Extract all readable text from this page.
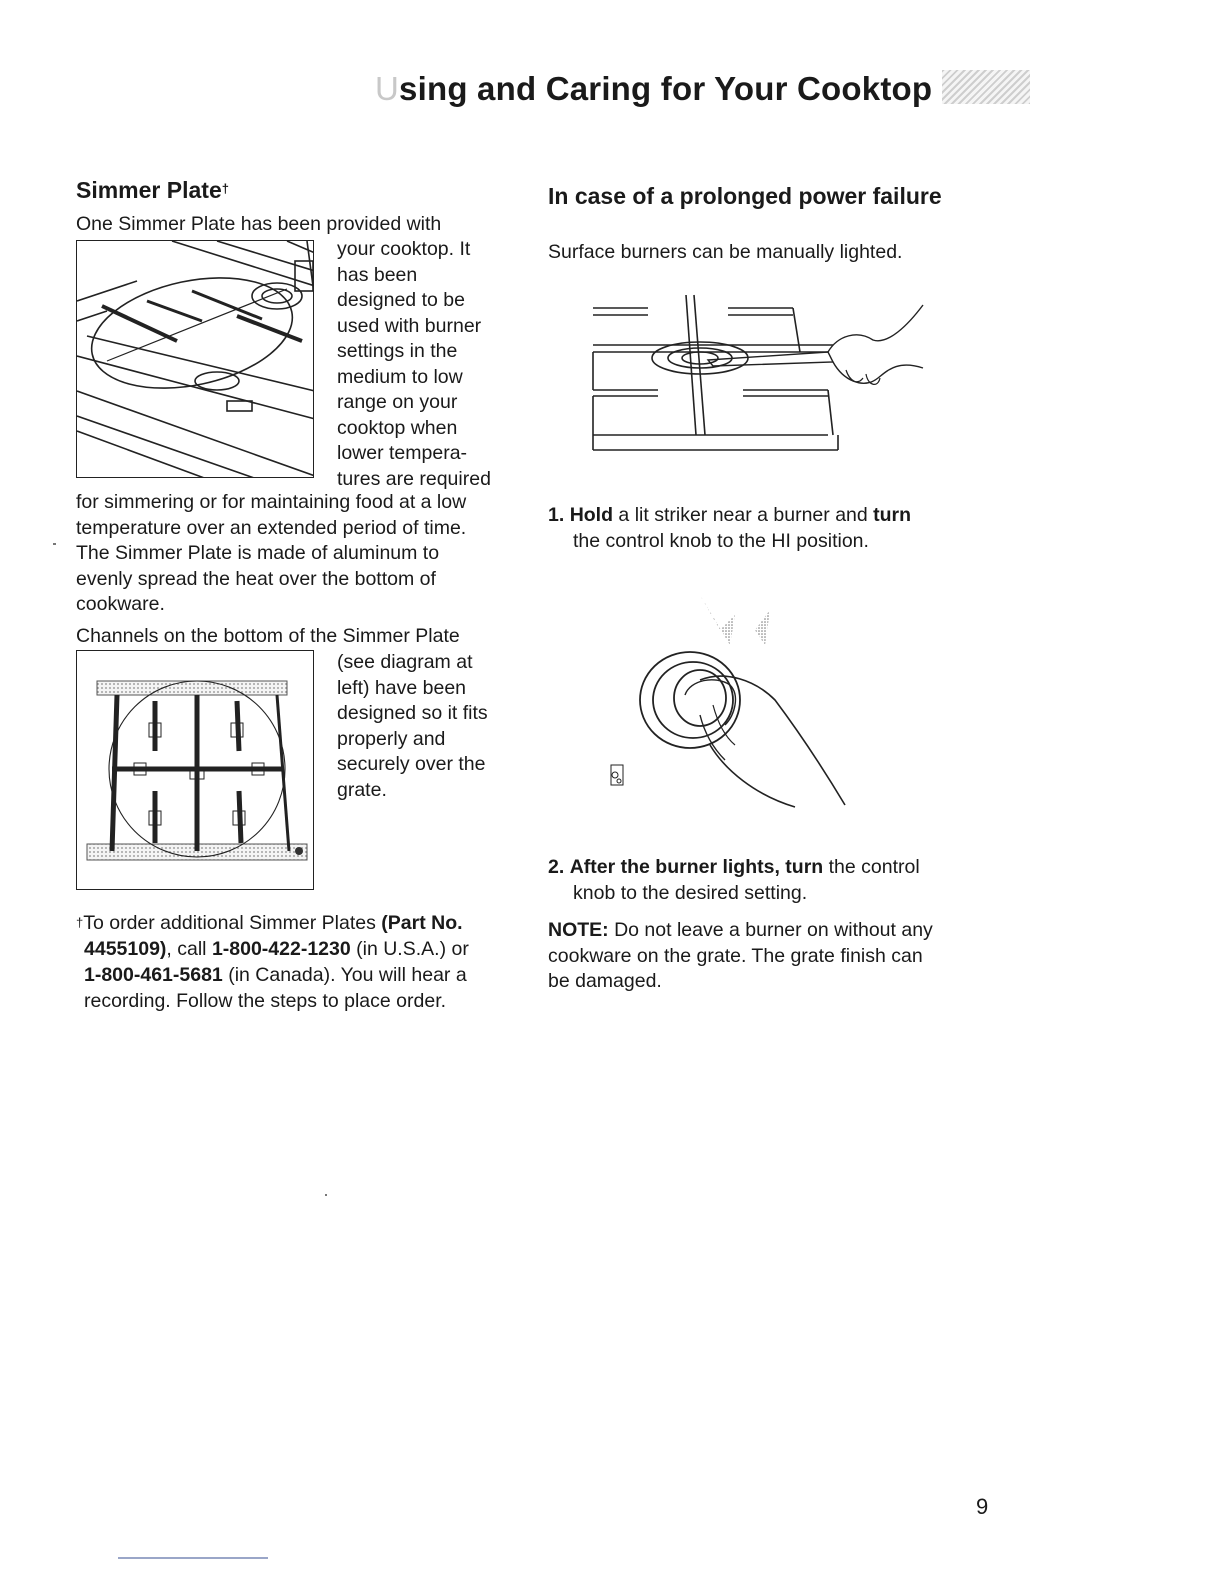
Using and Caring for Your Cooktop
Simmer Plate†
One Simmer Plate has been provided with
your cooktop. It
has been
designed to be
used with burner
settings in the
medium to low
range on your
cooktop when
lower tempera-
tures are required
for simmering or for maintaining food at a low
temperature over an extended period of time.
The Simmer Plate is made of aluminum to
evenly spread the heat over the bottom of
cookware.
Channels on the bottom of the Simmer Plate
(see diagram at
left) have been
designed so it fits
properly and
securely over the
grate.
†To order additional Simmer Plates (Part No.
4455109), call 1-800-422-1230 (in U.S.A.) or
1-800-461-5681 (in Canada). You will hear a
recording. Follow the steps to place order.
In case of a prolonged power failure
Surface burners can be manually lighted.
1. Hold a lit striker near a burner and turn
the control knob to the HI position.
2. After the burner lights, turn the control
knob to the desired setting.
NOTE: Do not leave a burner on without any
cookware on the grate. The grate finish can
be damaged.
9
